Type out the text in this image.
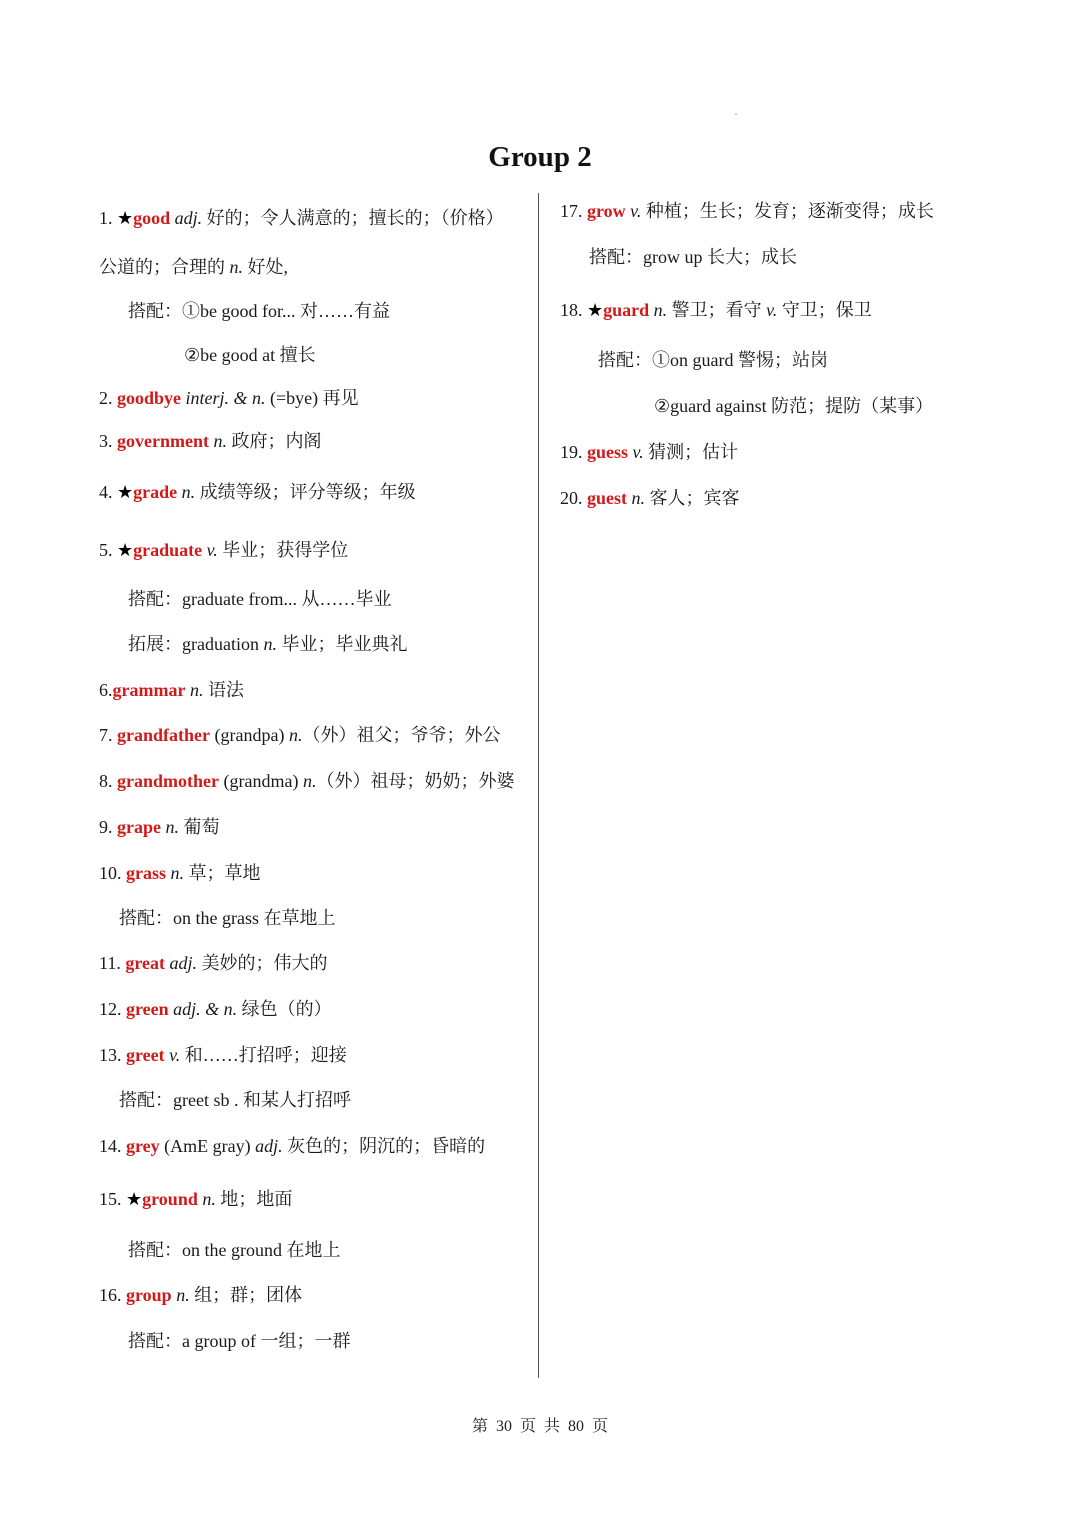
Group 2
1. ★good adj. 好的；令人满意的；擅长的；（价格）
公道的；合理的 n. 好处,
搭配：①be good for... 对……有益
②be good at 擅长
2. goodbye interj. & n. (=bye) 再见
3. government n. 政府；内阁
4. ★grade n. 成绩等级；评分等级；年级
5. ★graduate v. 毕业；获得学位
搭配：graduate from... 从……毕业
拓展：graduation n. 毕业；毕业典礼
6.grammar n. 语法
7. grandfather (grandpa) n.（外）祖父；爷爷；外公
8. grandmother (grandma) n.（外）祖母；奶奶；外婆
9. grape n. 葡萄
10. grass n. 草；草地
搭配：on the grass 在草地上
11. great adj. 美妙的；伟大的
12. green adj. & n. 绿色（的）
13. greet v. 和……打招呼；迎接
搭配：greet sb . 和某人打招呼
14. grey (AmE gray) adj. 灰色的；阴沉的；昏暗的
15. ★ground n. 地；地面
搭配：on the ground 在地上
16. group n. 组；群；团体
搭配：a group of 一组；一群
17. grow v. 种植；生长；发育；逐渐变得；成长
搭配：grow up 长大；成长
18. ★guard n. 警卫；看守 v. 守卫；保卫
搭配：①on guard 警惕；站岗
②guard against 防范；提防（某事）
19. guess v. 猜测；估计
20. guest n. 客人；宾客
第 30 页 共 80 页
